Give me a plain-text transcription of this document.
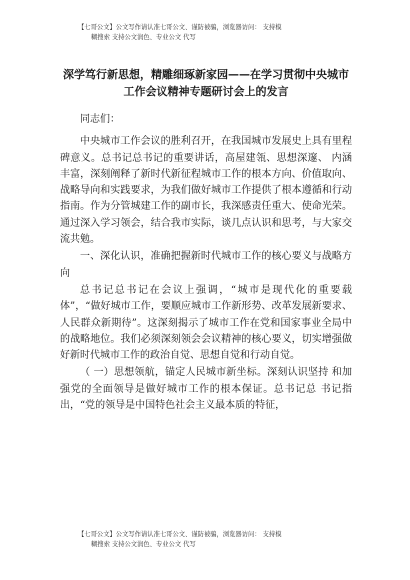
【七哥公文】公文写作请认准七哥公文、谨防被骗，浏览器访问： 支持模
糊搜索 支持公文润色、专业公文 代写
深学笃行新思想，精雕细琢新家园——在学习贯彻中央城市工作会议精神专题研讨会上的发言

同志们：

中央城市工作会议的胜利召开，在我国城市发展史上具有里程碑意义。总书记总书记的重要讲话，高屋建瓴、思想深邃、 内涵丰富，深刻阐释了新时代新征程城市工作的根本方向、价值取向、战略导向和实践要求，为我们做好城市工作提供了根本遵循和行动指南。作为分管城建工作的副市长，我深感责任重大、使命光荣。通过深入学习领会，结合我市实际，谈几点认识和思考，与大家交流共勉。

一、深化认识，准确把握新时代城市工作的核心要义与战略方向

总书记总书记在会议上强调，“城市是现代化的重要载体”，“做好城市工作，要顺应城市工作新形势、改革发展新要求、人民群众新期待”。这深刻揭示了城市工作在党和国家事业全局中的战略地位。我们必须深刻领会会议精神的核心要义，切实增强做好新时代城市工作的政治自觉、思想自觉和行动自觉。

（ 一）思想领航，锚定人民城市新坐标。深刻认识坚持 和加强党的全面领导是做好城市工作的根本保证。总书记总 书记指出，“党的领导是中国特色社会主义最本质的特征，

【七哥公文】公文写作请认准七哥公文、谨防被骗，浏览器访问： 支持模
糊搜索 支持公文润色、专业公文 代写
